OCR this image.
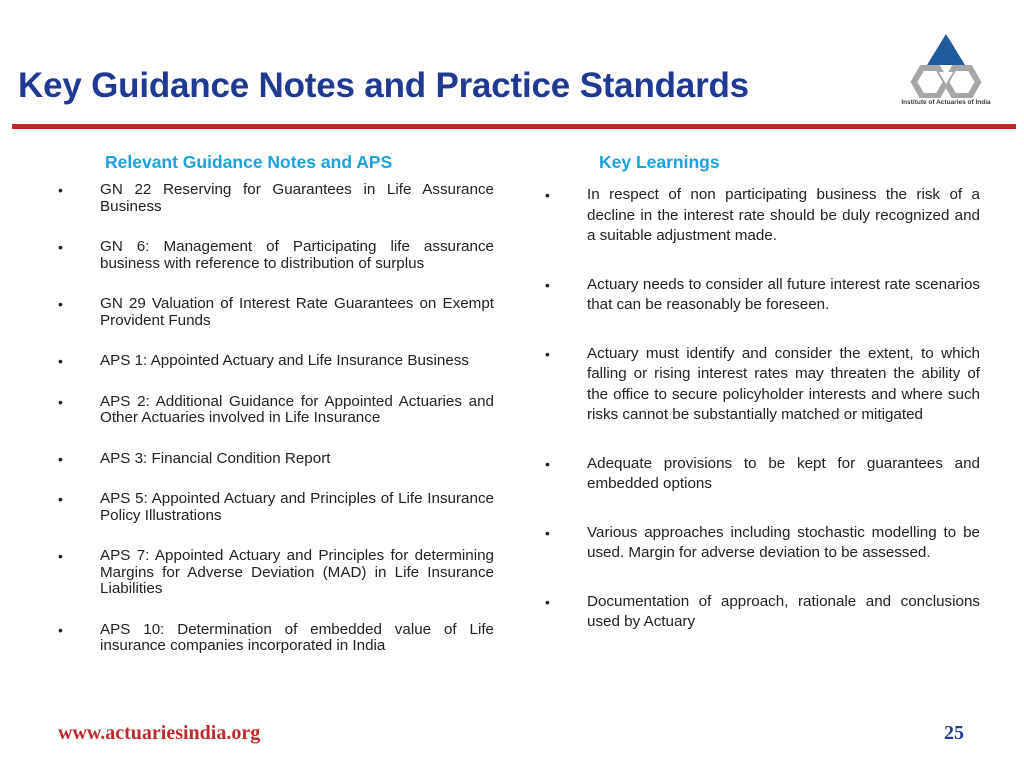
Key Guidance Notes and Practice Standards	Institute of Actuaries of India
Relevant Guidance Notes and APS	Key Learnings
• GN 22 Reserving for Guarantees in Life Assurance Business
• GN 6: Management of Participating life assurance business with reference to distribution of surplus
• GN 29 Valuation of Interest Rate Guarantees on Exempt Provident Funds
• APS 1: Appointed Actuary and Life Insurance Business
• APS 2: Additional Guidance for Appointed Actuaries and Other Actuaries involved in Life Insurance
• APS 3: Financial Condition Report
• APS 5: Appointed Actuary and Principles of Life Insurance Policy Illustrations
• APS 7: Appointed Actuary and Principles for determining Margins for Adverse Deviation (MAD) in Life Insurance Liabilities
• APS 10: Determination of embedded value of Life insurance companies incorporated in India
• In respect of non participating business the risk of a decline in the interest rate should be duly recognized and a suitable adjustment made.
• Actuary needs to consider all future interest rate scenarios that can be reasonably be foreseen.
• Actuary must identify and consider the extent, to which falling or rising interest rates may threaten the ability of the office to secure policyholder interests and where such risks cannot be substantially matched or mitigated
• Adequate provisions to be kept for guarantees and embedded options
• Various approaches including stochastic modelling to be used. Margin for adverse deviation to be assessed.
• Documentation of approach, rationale and conclusions used by Actuary
www.actuariesindia.org	25
